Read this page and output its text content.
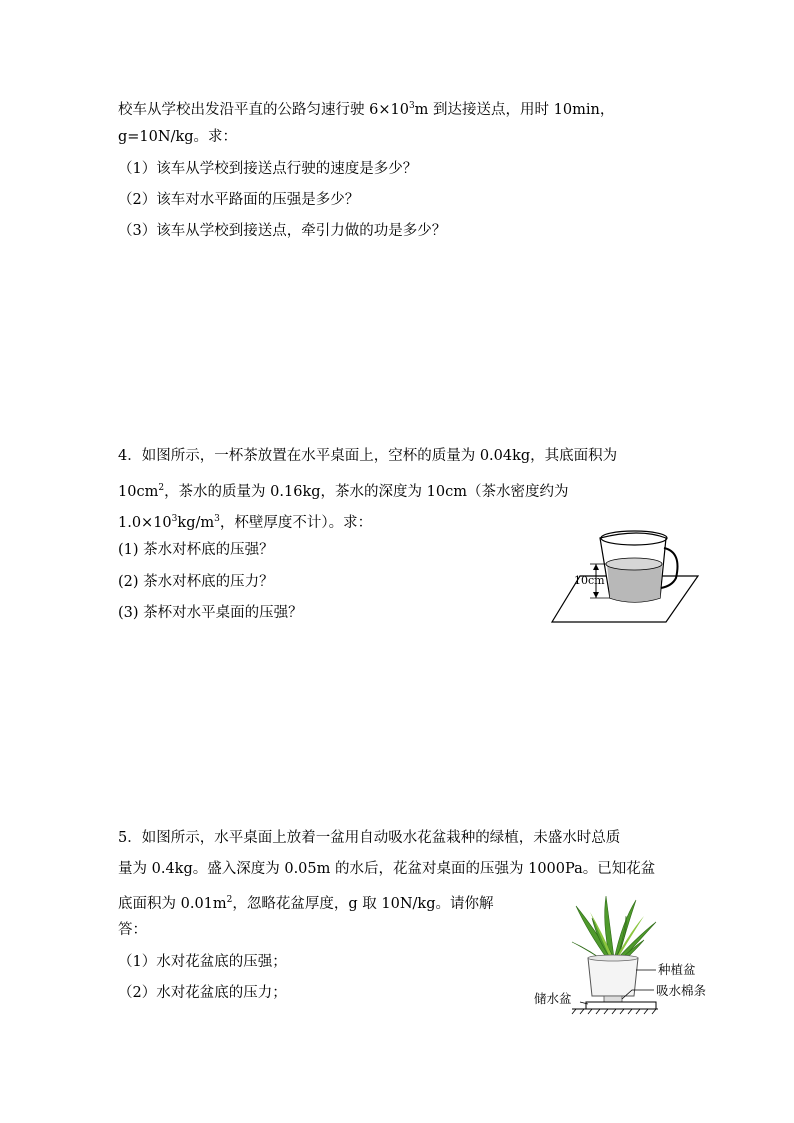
校车从学校出发沿平直的公路匀速行驶 $6\times 10^3m$ 到达接送点，用时 10min，
g=10N/kg。求：
（1）该车从学校到接送点行驶的速度是多少？
（2）该车对水平路面的压强是多少？
（3）该车从学校到接送点，牵引力做的功是多少？
4．如图所示，一杯茶放置在水平桌面上，空杯的质量为 0.04kg，其底面积为
$10cm^2$，茶水的质量为 0.16kg，茶水的深度为 10cm（茶水密度约为
$1.0\times 10^3kg/m^3$，杯壁厚度不计）。求：
(1) 茶水对杯底的压强？
(2) 茶水对杯底的压力？
(3) 茶杯对水平桌面的压强？
10cm
5．如图所示，水平桌面上放着一盆用自动吸水花盆栽种的绿植，未盛水时总质
量为 0.4kg。盛入深度为 0.05m 的水后，花盆对桌面的压强为 1000Pa。已知花盆
底面积为 $0.01m^2$，忽略花盆厚度，g 取 10N/kg。请你解
答：
（1）水对花盆底的压强；
（2）水对花盆底的压力；
种植盆
吸水棉条
储水盆
